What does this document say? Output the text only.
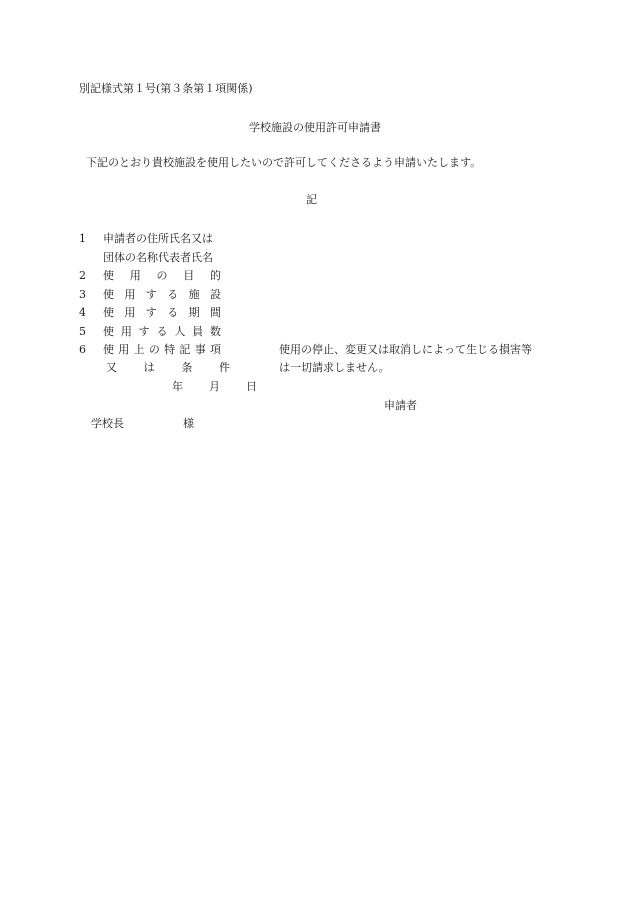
別記様式第１号(第３条第１項関係)
学校施設の使用許可申請書
下記のとおり貴校施設を使用したいので許可してくださるよう申請いたします。
記
1 申請者の住所氏名又は
団体の名称代表者氏名
2 使 用 の 目 的
3 使 用 す る 施 設
4 使 用 す る 期 間
5 使 用 す る 人 員 数
6 使 用 上 の 特 記 事 項
又 は 条 件
使用の停止、変更又は取消しによって生じる損害等
は一切請求しません。
年 月 日
申請者
学校長	様
